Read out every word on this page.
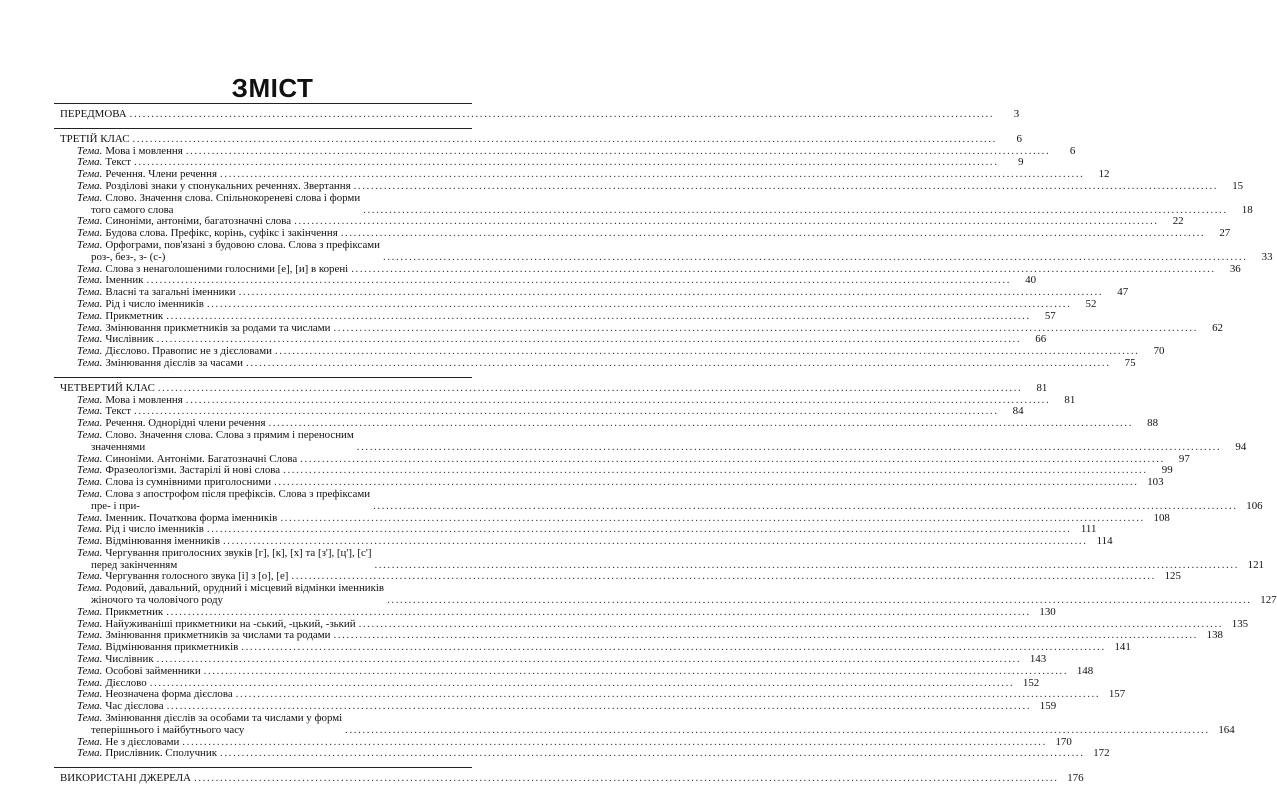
ЗМІСТ
ПЕРЕДМОВА ........................................................................................................................................................................................................	3
ТРЕТІЙ КЛАС ........................................................................................................................................................................................................	6
Тема. Мова і мовлення ........................................................................................................................................................................................................	6
Тема. Текст ........................................................................................................................................................................................................	9
Тема. Речення. Члени речення ........................................................................................................................................................................................................	12
Тема. Розділові знаки у спонукальних реченнях. Звертання ........................................................................................................................................................................................................	15
Тема. Слово. Значення слова. Спільнокореневі слова і форми
того самого слова	........................................................................................................................................................................................................	18
Тема. Синоніми, антоніми, багатозначні слова ........................................................................................................................................................................................................	22
Тема. Будова слова. Префікс, корінь, суфікс і закінчення ........................................................................................................................................................................................................	27
Тема. Орфограми, пов'язані з будовою слова. Слова з префіксами
роз-, без-, з- (с-)	........................................................................................................................................................................................................	33
Тема. Слова з ненаголошеними голосними [е], [и] в корені ........................................................................................................................................................................................................	36
Тема. Іменник ........................................................................................................................................................................................................	40
Тема. Власні та загальні іменники ........................................................................................................................................................................................................	47
Тема. Рід і число іменників ........................................................................................................................................................................................................	52
Тема. Прикметник ........................................................................................................................................................................................................	57
Тема. Змінювання прикметників за родами та числами ........................................................................................................................................................................................................	62
Тема. Числівник ........................................................................................................................................................................................................	66
Тема. Дієслово. Правопис не з дієсловами ........................................................................................................................................................................................................	70
Тема. Змінювання дієслів за часами ........................................................................................................................................................................................................	75
ЧЕТВЕРТИЙ КЛАС ........................................................................................................................................................................................................	81
Тема. Мова і мовлення ........................................................................................................................................................................................................	81
Тема. Текст ........................................................................................................................................................................................................	84
Тема. Речення. Однорідні члени речення ........................................................................................................................................................................................................	88
Тема. Слово. Значення слова. Слова з прямим і переносним
значеннями	........................................................................................................................................................................................................	94
Тема. Синоніми. Антоніми. Багатозначні Слова ........................................................................................................................................................................................................	97
Тема. Фразеологізми. Застарілі й нові слова ........................................................................................................................................................................................................	99
Тема. Слова із сумнівними приголосними ........................................................................................................................................................................................................ 103
Тема. Слова з апострофом після префіксів. Слова з префіксами
пре- і при-	........................................................................................................................................................................................................ 106
Тема. Іменник. Початкова форма іменників ........................................................................................................................................................................................................ 108
Тема. Рід і число іменників ........................................................................................................................................................................................................ 111
Тема. Відмінювання іменників ........................................................................................................................................................................................................ 114
Тема. Чергування приголосних звуків [г], [к], [х] та [з'], [ц'], [с']
перед закінченням	........................................................................................................................................................................................................ 121
Тема. Чергування голосного звука [і] з [о], [е] ........................................................................................................................................................................................................ 125
Тема. Родовий, давальний, орудний і місцевий відмінки іменників
жіночого та чоловічого роду	........................................................................................................................................................................................................ 127
Тема. Прикметник ........................................................................................................................................................................................................ 130
Тема. Найуживаніші прикметники на -ський, -цький, -зький ........................................................................................................................................................................................................ 135
Тема. Змінювання прикметників за числами та родами ........................................................................................................................................................................................................ 138
Тема. Відмінювання прикметників ........................................................................................................................................................................................................ 141
Тема. Числівник ........................................................................................................................................................................................................ 143
Тема. Особові займенники ........................................................................................................................................................................................................ 148
Тема. Дієслово ........................................................................................................................................................................................................ 152
Тема. Неозначена форма дієслова ........................................................................................................................................................................................................ 157
Тема. Час дієслова ........................................................................................................................................................................................................ 159
Тема. Змінювання дієслів за особами та числами у формі
теперішнього і майбутнього часу	........................................................................................................................................................................................................ 164
Тема. Не з дієсловами ........................................................................................................................................................................................................ 170
Тема. Прислівник. Сполучник ........................................................................................................................................................................................................ 172
ВИКОРИСТАНІ ДЖЕРЕЛА ........................................................................................................................................................................................................ 176
